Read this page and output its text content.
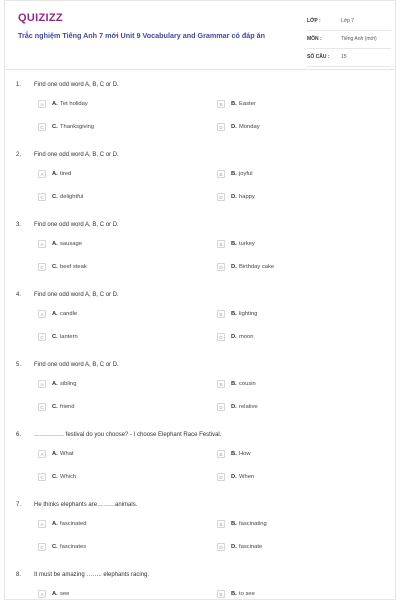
QUIZIZZ
Trắc nghiệm Tiếng Anh 7 mới Unit 9 Vocabulary and Grammar có đáp án
LỚP :	Lớp 7
MÔN :	Tiếng Anh (mới)
SỐ CÂU : 15
1. Find one odd word A, B, C or D.
A	A. Tet holiday	B	B. Easter
C	C. Thanksgiving	D	D. Monday
2. Find one odd word A, B, C or D.
A	A. tired	B	B. joyful
C	C. delightful	D	D. happy
3. Find one odd word A, B, C or D.
A	A. sausage	B	B. turkey
C	C. beef steak	D	D. Birthday cake
4. Find one odd word A, B, C or D.
A	A. candle	B	B. lighting
C	C. lantern	D	D. moon
5. Find one odd word A, B, C or D.
A	A. sibling	B	B. cousin
C	C. friend	D	D. relative
6. …………… festival do you choose? - I choose Elephant Race Festival.
A	A. What	B	B. How
C	C. Which	D	D. When
7. He thinks elephants are………animals.
A	A. fascinated	B	B. fascinating
C	C. fascinates	D	D. fascinate
8. It must be amazing …….. elephants racing.
A	A. see	B	B. to see
